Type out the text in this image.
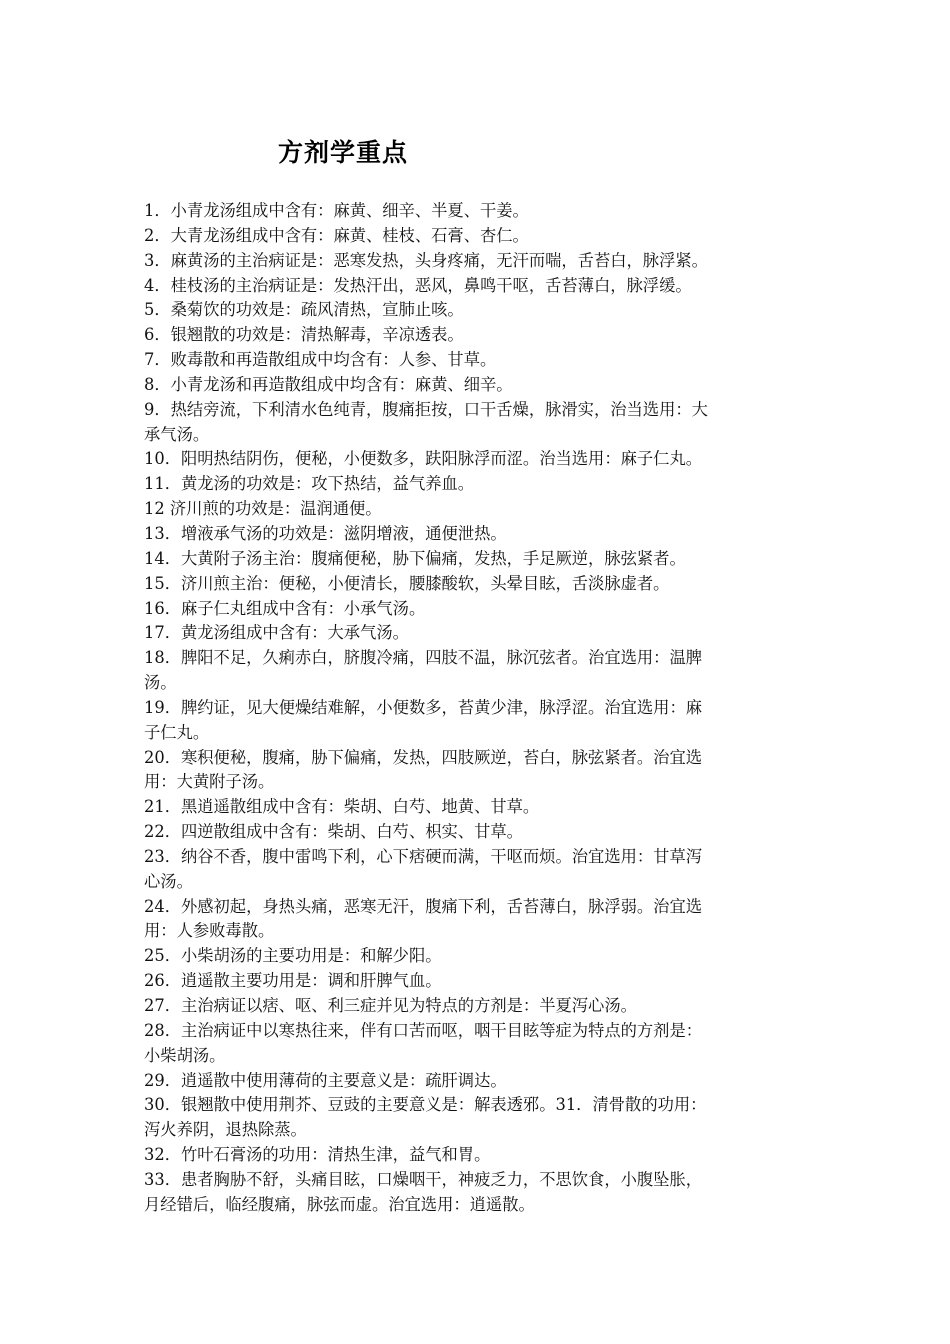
方剂学重点
1．小青龙汤组成中含有：麻黄、细辛、半夏、干姜。
2．大青龙汤组成中含有：麻黄、桂枝、石膏、杏仁。
3．麻黄汤的主治病证是：恶寒发热，头身疼痛，无汗而喘，舌苔白，脉浮紧。
4．桂枝汤的主治病证是：发热汗出，恶风，鼻鸣干呕，舌苔薄白，脉浮缓。
5．桑菊饮的功效是：疏风清热，宣肺止咳。
6．银翘散的功效是：清热解毒，辛凉透表。
7．败毒散和再造散组成中均含有：人参、甘草。
8．小青龙汤和再造散组成中均含有：麻黄、细辛。
9．热结旁流，下利清水色纯青，腹痛拒按，口干舌燥，脉滑实，治当选用：大
承气汤。
10．阳明热结阴伤，便秘，小便数多，趺阳脉浮而涩。治当选用：麻子仁丸。
11．黄龙汤的功效是：攻下热结，益气养血。
12 济川煎的功效是：温润通便。
13．增液承气汤的功效是：滋阴增液，通便泄热。
14．大黄附子汤主治：腹痛便秘，胁下偏痛，发热，手足厥逆，脉弦紧者。
15．济川煎主治：便秘，小便清长，腰膝酸软，头晕目眩，舌淡脉虚者。
16．麻子仁丸组成中含有：小承气汤。
17．黄龙汤组成中含有：大承气汤。
18．脾阳不足，久痢赤白，脐腹冷痛，四肢不温，脉沉弦者。治宜选用：温脾
汤。
19．脾约证，见大便燥结难解，小便数多，苔黄少津，脉浮涩。治宜选用：麻
子仁丸。
20．寒积便秘，腹痛，胁下偏痛，发热，四肢厥逆，苔白，脉弦紧者。治宜选
用：大黄附子汤。
21．黑逍遥散组成中含有：柴胡、白芍、地黄、甘草。
22．四逆散组成中含有：柴胡、白芍、枳实、甘草。
23．纳谷不香，腹中雷鸣下利，心下痞硬而满，干呕而烦。治宜选用：甘草泻
心汤。
24．外感初起，身热头痛，恶寒无汗，腹痛下利，舌苔薄白，脉浮弱。治宜选
用：人参败毒散。
25．小柴胡汤的主要功用是：和解少阳。
26．逍遥散主要功用是：调和肝脾气血。
27．主治病证以痞、呕、利三症并见为特点的方剂是：半夏泻心汤。
28．主治病证中以寒热往来，伴有口苦而呕，咽干目眩等症为特点的方剂是：
小柴胡汤。
29．逍遥散中使用薄荷的主要意义是：疏肝调达。
30．银翘散中使用荆芥、豆豉的主要意义是：解表透邪。31．清骨散的功用：
泻火养阴，退热除蒸。
32．竹叶石膏汤的功用：清热生津，益气和胃。
33．患者胸胁不舒，头痛目眩，口燥咽干，神疲乏力，不思饮食，小腹坠胀，
月经错后，临经腹痛，脉弦而虚。治宜选用：逍遥散。
